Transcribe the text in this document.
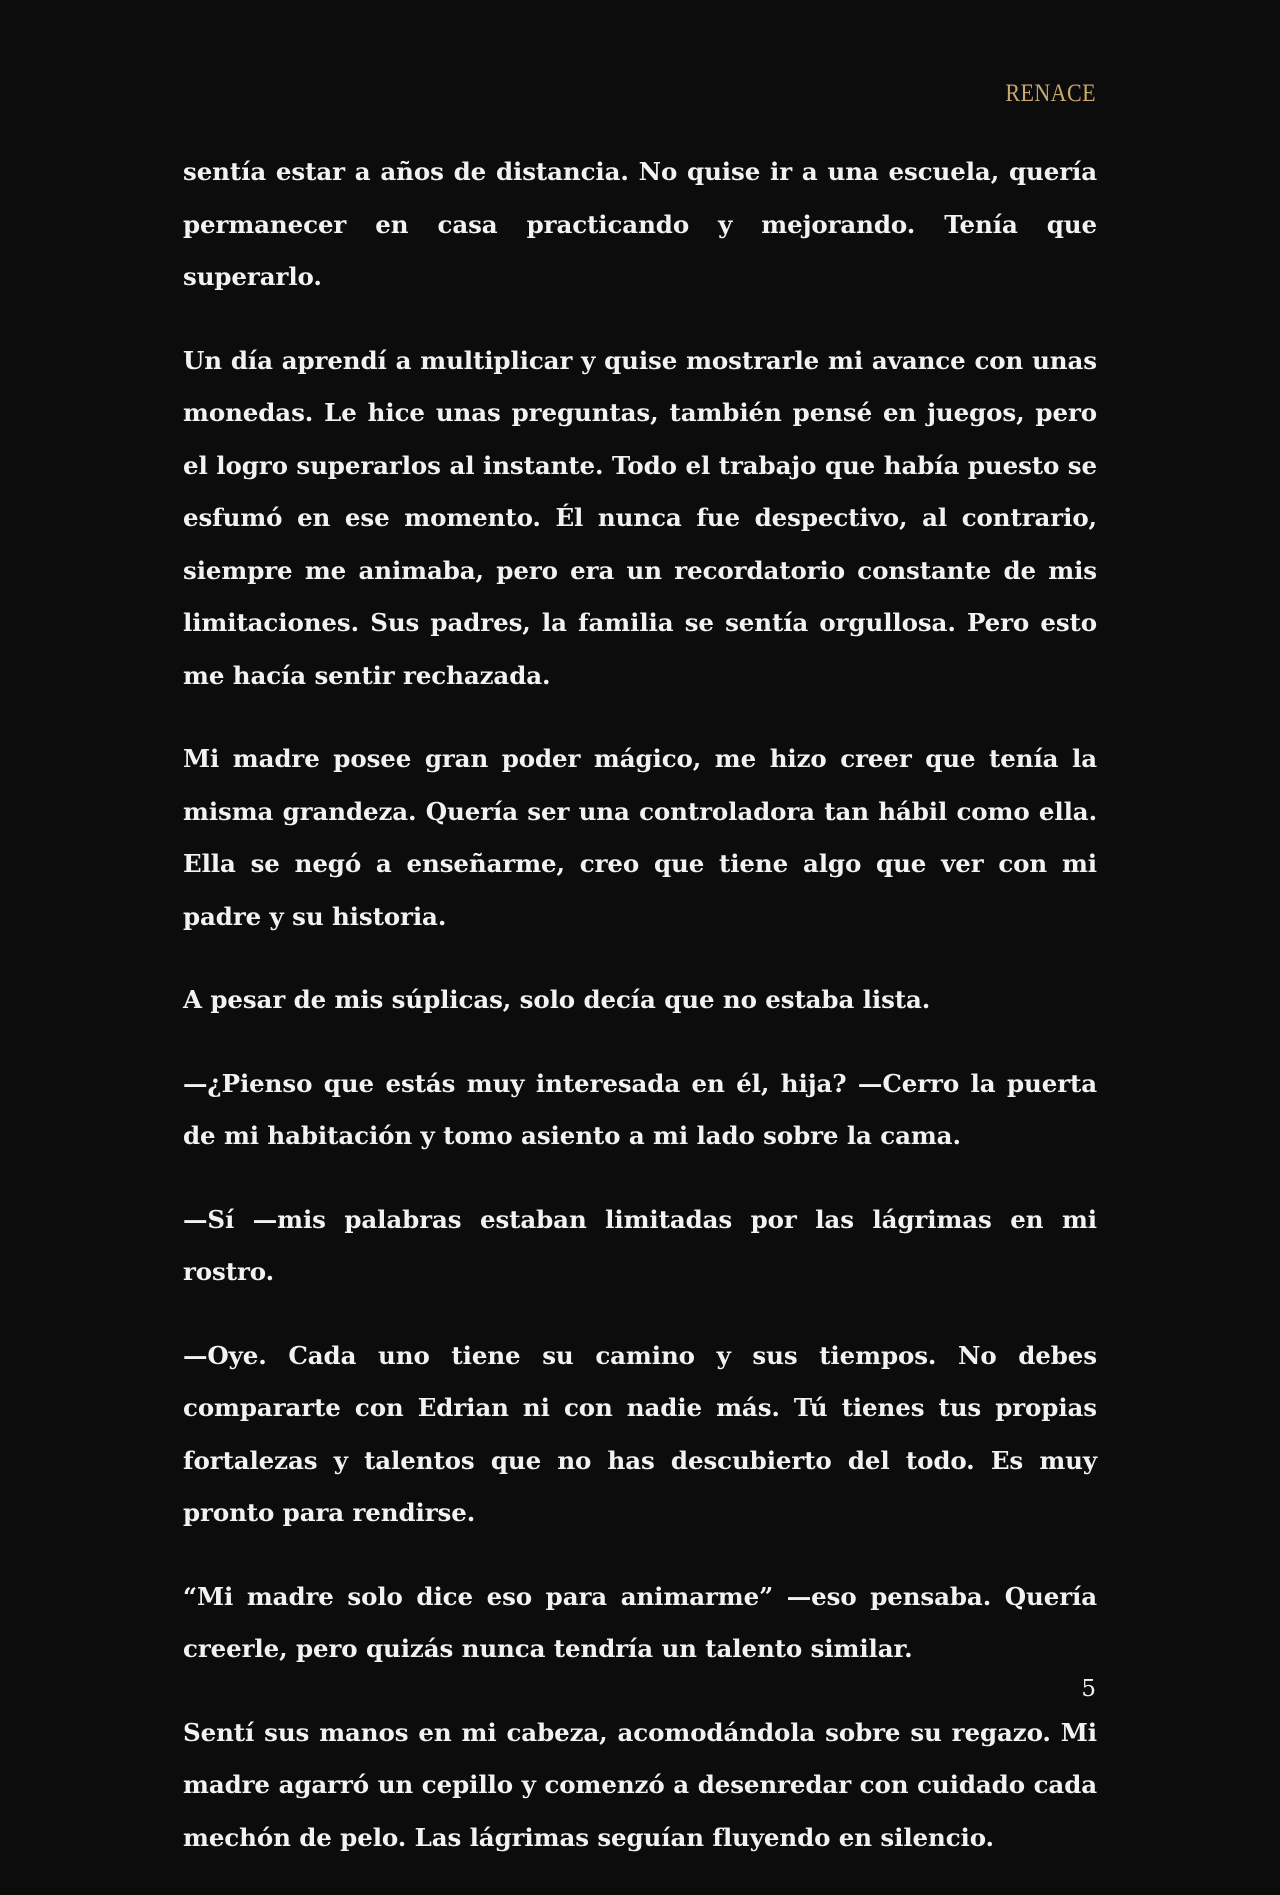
RENACE

sentía estar a años de distancia. No quise ir a una escuela, quería permanecer en casa practicando y mejorando. Tenía que superarlo.

Un día aprendí a multiplicar y quise mostrarle mi avance con unas monedas. Le hice unas preguntas, también pensé en juegos, pero el logro superarlos al instante. Todo el trabajo que había puesto se esfumó en ese momento. Él nunca fue despectivo, al contrario, siempre me animaba, pero era un recordatorio constante de mis limitaciones. Sus padres, la familia se sentía orgullosa. Pero esto me hacía sentir rechazada.

Mi madre posee gran poder mágico, me hizo creer que tenía la misma grandeza. Quería ser una controladora tan hábil como ella. Ella se negó a enseñarme, creo que tiene algo que ver con mi padre y su historia.

A pesar de mis súplicas, solo decía que no estaba lista.

—¿Pienso que estás muy interesada en él, hija? —Cerro la puerta de mi habitación y tomo asiento a mi lado sobre la cama.

—Sí —mis palabras estaban limitadas por las lágrimas en mi rostro.

—Oye. Cada uno tiene su camino y sus tiempos. No debes compararte con Edrian ni con nadie más. Tú tienes tus propias fortalezas y talentos que no has descubierto del todo. Es muy pronto para rendirse.

“Mi madre solo dice eso para animarme” —eso pensaba. Quería creerle, pero quizás nunca tendría un talento similar.

Sentí sus manos en mi cabeza, acomodándola sobre su regazo. Mi madre agarró un cepillo y comenzó a desenredar con cuidado cada mechón de pelo. Las lágrimas seguían fluyendo en silencio.

5
